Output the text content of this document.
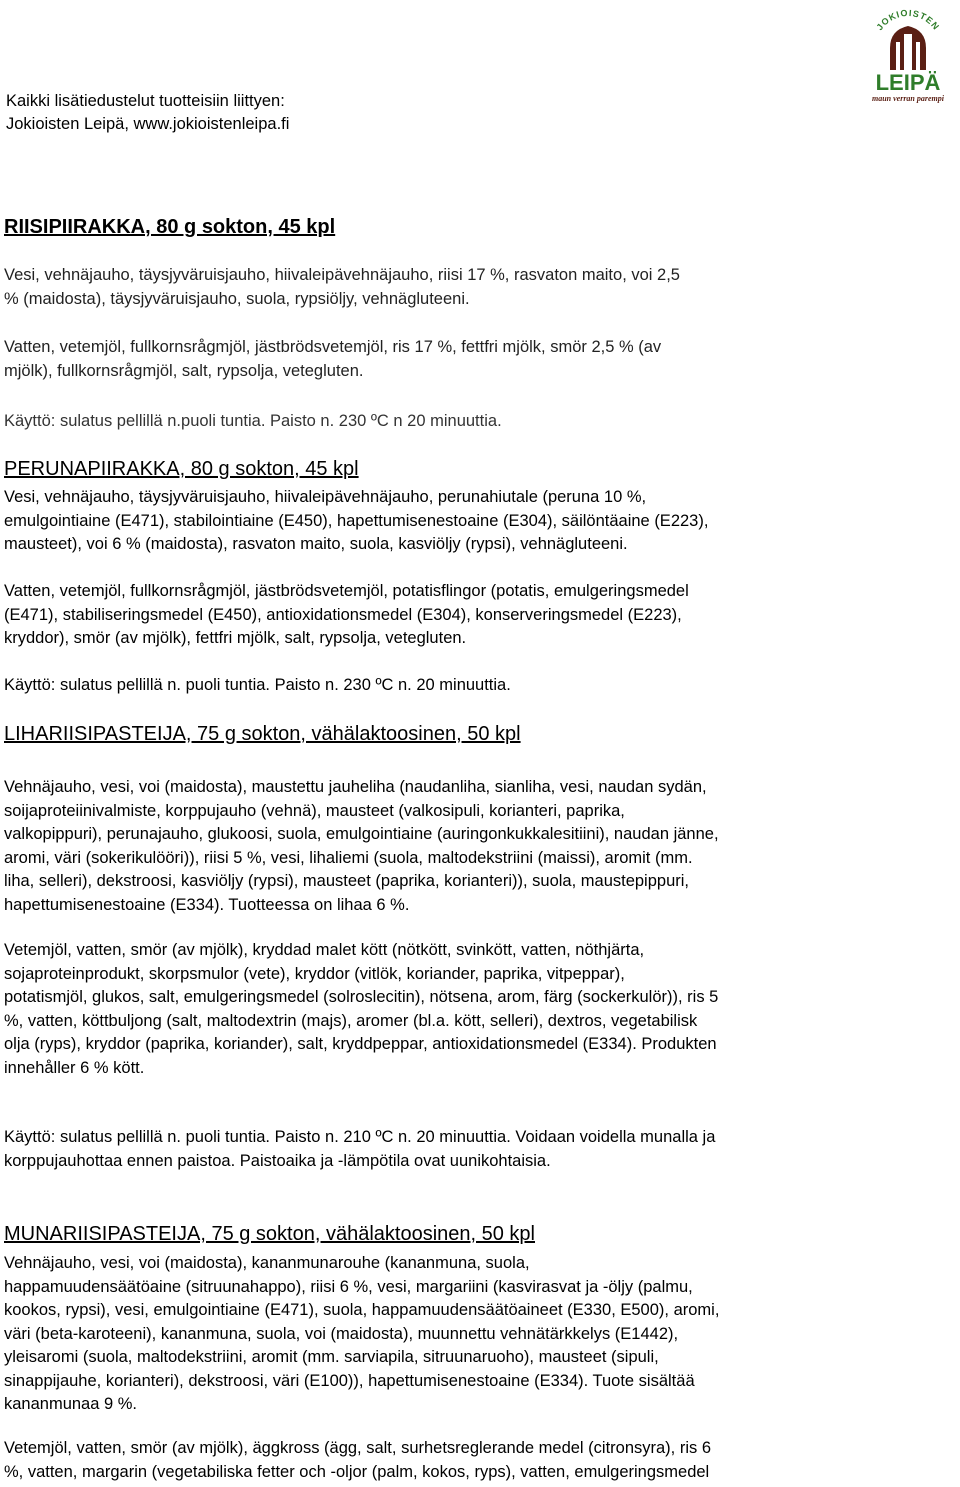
Kaikki lisätiedustelut tuotteisiin liittyen:
Jokioisten Leipä, www.jokioistenleipa.fi
JOKIOISTEN
LEIPÄ
maun verran parempi

RIISIPIIRAKKA, 80 g sokton, 45 kpl

Vesi, vehnäjauho, täysjyväruisjauho, hiivaleipävehnäjauho, riisi 17 %, rasvaton maito, voi 2,5
% (maidosta), täysjyväruisjauho, suola, rypsiöljy, vehnägluteeni.
Vatten, vetemjöl, fullkornsrågmjöl, jästbrödsvetemjöl, ris 17 %, fettfri mjölk, smör 2,5 % (av
mjölk), fullkornsrågmjöl, salt, rypsolja, vetegluten.
Käyttö: sulatus pellillä n.puoli tuntia. Paisto n. 230 ºC n 20 minuuttia.

PERUNAPIIRAKKA, 80 g sokton, 45 kpl

Vesi, vehnäjauho, täysjyväruisjauho, hiivaleipävehnäjauho, perunahiutale (peruna 10 %,
emulgointiaine (E471), stabilointiaine (E450), hapettumisenestoaine (E304), säilöntäaine (E223),
mausteet), voi 6 % (maidosta), rasvaton maito, suola, kasviöljy (rypsi), vehnägluteeni.
Vatten, vetemjöl, fullkornsrågmjöl, jästbrödsvetemjöl, potatisflingor (potatis, emulgeringsmedel
(E471), stabiliseringsmedel (E450), antioxidationsmedel (E304), konserveringsmedel (E223),
kryddor), smör (av mjölk), fettfri mjölk, salt, rypsolja, vetegluten.
Käyttö: sulatus pellillä n. puoli tuntia. Paisto n. 230 ºC n. 20 minuuttia.

LIHARIISIPASTEIJA, 75 g sokton, vähälaktoosinen, 50 kpl

Vehnäjauho, vesi, voi (maidosta), maustettu jauheliha (naudanliha, sianliha, vesi, naudan sydän,
soijaproteiinivalmiste, korppujauho (vehnä), mausteet (valkosipuli, korianteri, paprika,
valkopippuri), perunajauho, glukoosi, suola, emulgointiaine (auringonkukkalesitiini), naudan jänne,
aromi, väri (sokerikulööri)), riisi 5 %, vesi, lihaliemi (suola, maltodekstriini (maissi), aromit (mm.
liha, selleri), dekstroosi, kasviöljy (rypsi), mausteet (paprika, korianteri)), suola, maustepippuri,
hapettumisenestoaine (E334). Tuotteessa on lihaa 6 %.
Vetemjöl, vatten, smör (av mjölk), kryddad malet kött (nötkött, svinkött, vatten, nöthjärta,
sojaproteinprodukt, skorpsmulor (vete), kryddor (vitlök, koriander, paprika, vitpeppar),
potatismjöl, glukos, salt, emulgeringsmedel (solroslecitin), nötsena, arom, färg (sockerkulör)), ris 5
%, vatten, köttbuljong (salt, maltodextrin (majs), aromer (bl.a. kött, selleri), dextros, vegetabilisk
olja (ryps), kryddor (paprika, koriander), salt, kryddpeppar, antioxidationsmedel (E334). Produkten
innehåller 6 % kött.
Käyttö: sulatus pellillä n. puoli tuntia. Paisto n. 210 ºC n. 20 minuuttia. Voidaan voidella munalla ja
korppujauhottaa ennen paistoa. Paistoaika ja -lämpötila ovat uunikohtaisia.

MUNARIISIPASTEIJA, 75 g sokton, vähälaktoosinen, 50 kpl

Vehnäjauho, vesi, voi (maidosta), kananmunarouhe (kananmuna, suola,
happamuudensäätöaine (sitruunahappo), riisi 6 %, vesi, margariini (kasvirasvat ja -öljy (palmu,
kookos, rypsi), vesi, emulgointiaine (E471), suola, happamuudensäätöaineet (E330, E500), aromi,
väri (beta-karoteeni), kananmuna, suola, voi (maidosta), muunnettu vehnätärkkelys (E1442),
yleisaromi (suola, maltodekstriini, aromit (mm. sarviapila, sitruunaruoho), mausteet (sipuli,
sinappijauhe, korianteri), dekstroosi, väri (E100)), hapettumisenestoaine (E334). Tuote sisältää
kananmunaa 9 %.
Vetemjöl, vatten, smör (av mjölk), äggkross (ägg, salt, surhetsreglerande medel (citronsyra), ris 6
%, vatten, margarin (vegetabiliska fetter och -oljor (palm, kokos, ryps), vatten, emulgeringsmedel
